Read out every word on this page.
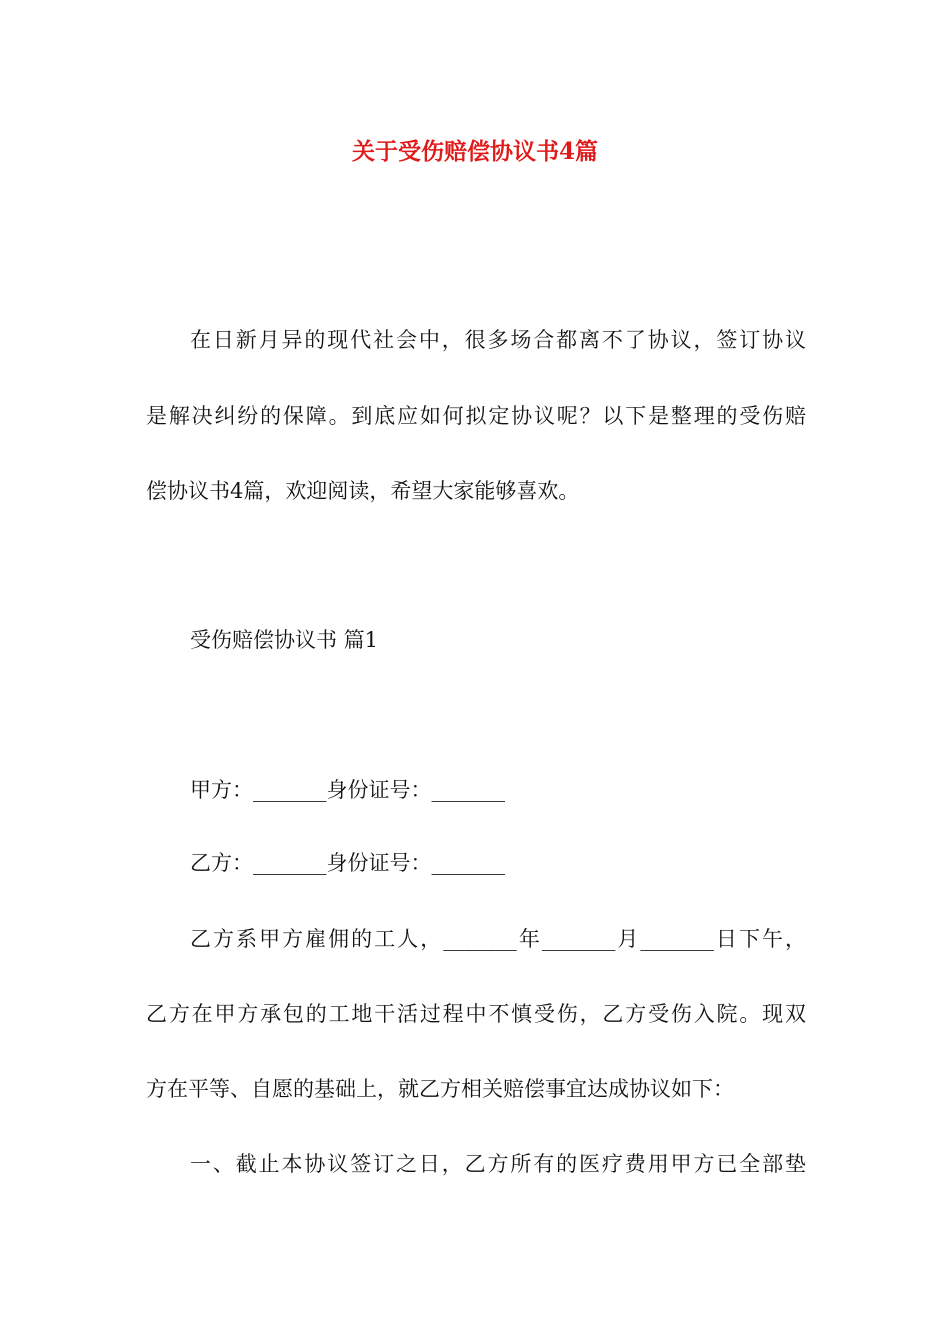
关于受伤赔偿协议书4篇
在日新月异的现代社会中，很多场合都离不了协议，签订协议
是解决纠纷的保障。到底应如何拟定协议呢？以下是整理的受伤赔
偿协议书4篇，欢迎阅读，希望大家能够喜欢。
受伤赔偿协议书 篇1
甲方：_______身份证号：_______
乙方：_______身份证号：_______
乙方系甲方雇佣的工人，_______年_______月_______日下午，
乙方在甲方承包的工地干活过程中不慎受伤，乙方受伤入院。现双
方在平等、自愿的基础上，就乙方相关赔偿事宜达成协议如下：
一、截止本协议签订之日，乙方所有的医疗费用甲方已全部垫
